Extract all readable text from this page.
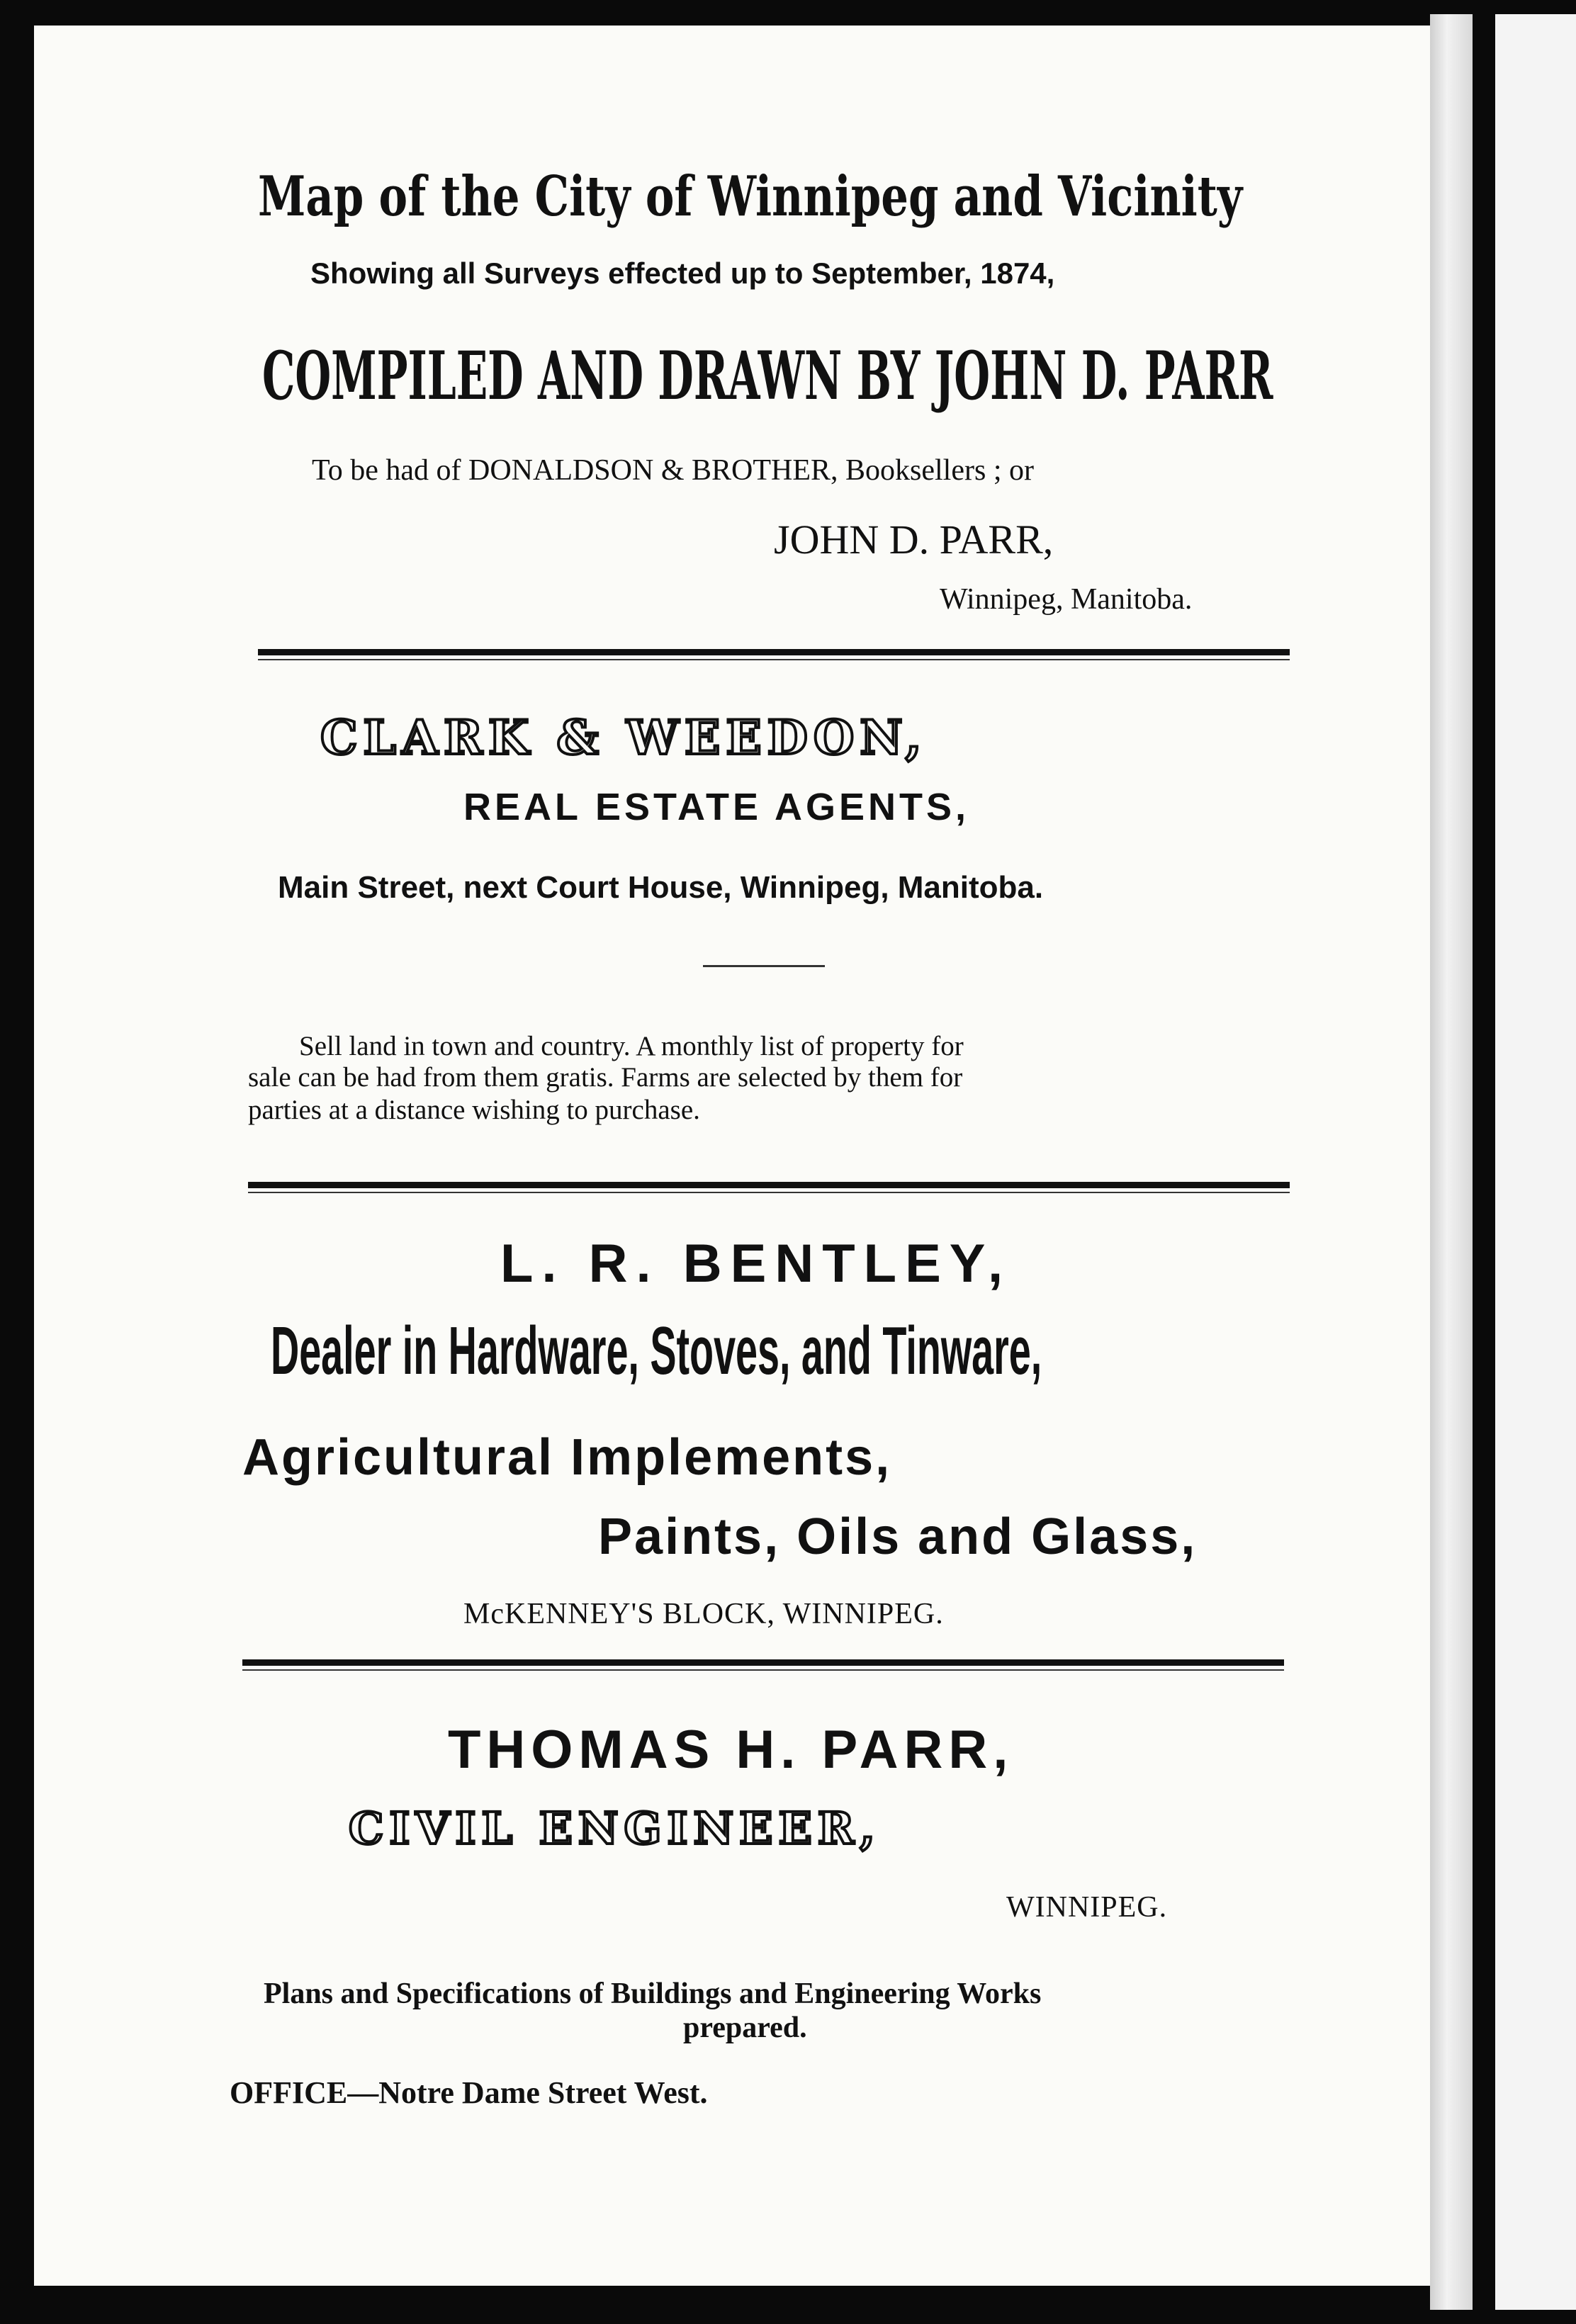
Map of the City of Winnipeg and Vicinity
Showing all Surveys effected up to September, 1874,
COMPILED AND DRAWN BY JOHN D. PARR
To be had of DONALDSON & BROTHER, Booksellers ; or
JOHN D. PARR,
Winnipeg, Manitoba.
CLARK & WEEDON,
REAL ESTATE AGENTS,
Main Street, next Court House, Winnipeg, Manitoba.
Sell land in town and country. A monthly list of property for
sale can be had from them gratis. Farms are selected by them for
parties at a distance wishing to purchase.
L. R. BENTLEY,
Dealer in Hardware, Stoves, and Tinware,
Agricultural Implements,
Paints, Oils and Glass,
McKENNEY'S BLOCK, WINNIPEG.
THOMAS H. PARR,
CIVIL ENGINEER,
WINNIPEG.
Plans and Specifications of Buildings and Engineering Works
prepared.
OFFICE—Notre Dame Street West.
